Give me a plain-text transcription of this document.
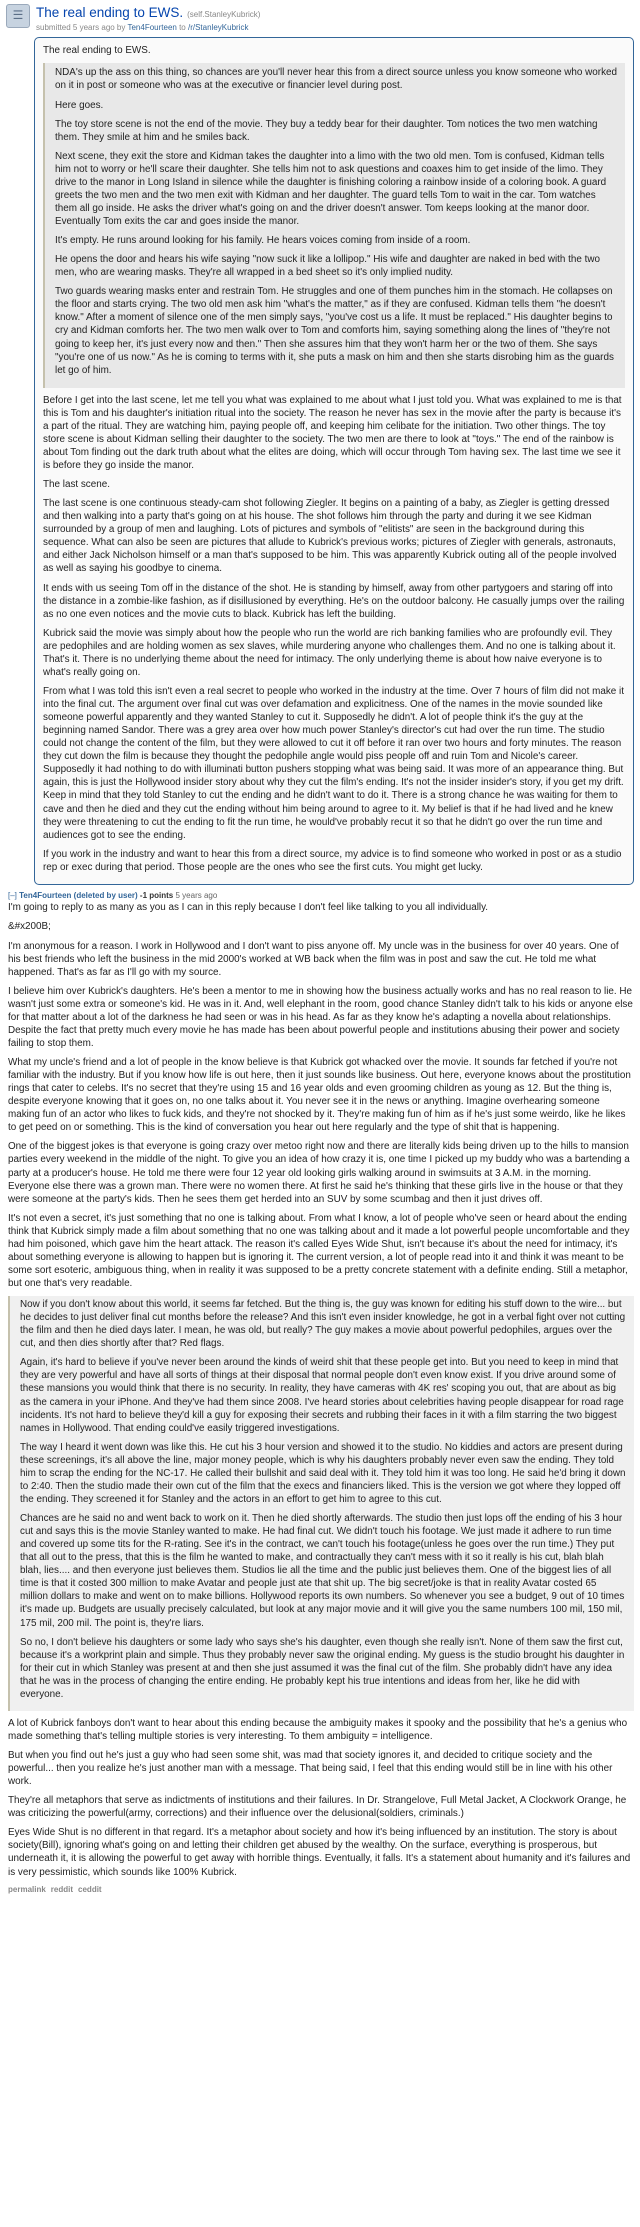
☰ The real ending to EWS. (self.StanleyKubrick)
submitted 5 years ago by Ten4Fourteen to /r/StanleyKubrick

The real ending to EWS.

NDA's up the ass on this thing, so chances are you'll never hear this from a direct source unless you know someone who worked on it in post or someone who was at the executive or financier level during post.

Here goes.

The toy store scene is not the end of the movie. They buy a teddy bear for their daughter. Tom notices the two men watching them. They smile at him and he smiles back.

Next scene, they exit the store and Kidman takes the daughter into a limo with the two old men. Tom is confused, Kidman tells him not to worry or he'll scare their daughter. She tells him not to ask questions and coaxes him to get inside of the limo. They drive to the manor in Long Island in silence while the daughter is finishing coloring a rainbow inside of a coloring book. A guard greets the two men and the two men exit with Kidman and her daughter. The guard tells Tom to wait in the car. Tom watches them all go inside. He asks the driver what's going on and the driver doesn't answer. Tom keeps looking at the manor door. Eventually Tom exits the car and goes inside the manor.

It's empty. He runs around looking for his family. He hears voices coming from inside of a room.

He opens the door and hears his wife saying "now suck it like a lollipop." His wife and daughter are naked in bed with the two men, who are wearing masks. They're all wrapped in a bed sheet so it's only implied nudity.

Two guards wearing masks enter and restrain Tom. He struggles and one of them punches him in the stomach. He collapses on the floor and starts crying. The two old men ask him "what's the matter," as if they are confused. Kidman tells them "he doesn't know." After a moment of silence one of the men simply says, "you've cost us a life. It must be replaced." His daughter begins to cry and Kidman comforts her. The two men walk over to Tom and comforts him, saying something along the lines of "they're not going to keep her, it's just every now and then." Then she assures him that they won't harm her or the two of them. She says "you're one of us now." As he is coming to terms with it, she puts a mask on him and then she starts disrobing him as the guards let go of him.

Before I get into the last scene, let me tell you what was explained to me about what I just told you. What was explained to me is that this is Tom and his daughter's initiation ritual into the society. The reason he never has sex in the movie after the party is because it's a part of the ritual. They are watching him, paying people off, and keeping him celibate for the initiation. Two other things. The toy store scene is about Kidman selling their daughter to the society. The two men are there to look at "toys." The end of the rainbow is about Tom finding out the dark truth about what the elites are doing, which will occur through Tom having sex. The last time we see it is before they go inside the manor.

The last scene.

The last scene is one continuous steady-cam shot following Ziegler. It begins on a painting of a baby, as Ziegler is getting dressed and then walking into a party that's going on at his house. The shot follows him through the party and during it we see Kidman surrounded by a group of men and laughing. Lots of pictures and symbols of "elitists" are seen in the background during this sequence. What can also be seen are pictures that allude to Kubrick's previous works; pictures of Ziegler with generals, astronauts, and either Jack Nicholson himself or a man that's supposed to be him. This was apparently Kubrick outing all of the people involved as well as saying his goodbye to cinema.

It ends with us seeing Tom off in the distance of the shot. He is standing by himself, away from other partygoers and staring off into the distance in a zombie-like fashion, as if disillusioned by everything. He's on the outdoor balcony. He casually jumps over the railing as no one even notices and the movie cuts to black. Kubrick has left the building.

Kubrick said the movie was simply about how the people who run the world are rich banking families who are profoundly evil. They are pedophiles and are holding women as sex slaves, while murdering anyone who challenges them. And no one is talking about it. That's it. There is no underlying theme about the need for intimacy. The only underlying theme is about how naive everyone is to what's really going on.

From what I was told this isn't even a real secret to people who worked in the industry at the time. Over 7 hours of film did not make it into the final cut. The argument over final cut was over defamation and explicitness. One of the names in the movie sounded like someone powerful apparently and they wanted Stanley to cut it. Supposedly he didn't. A lot of people think it's the guy at the beginning named Sandor. There was a grey area over how much power Stanley's director's cut had over the run time. The studio could not change the content of the film, but they were allowed to cut it off before it ran over two hours and forty minutes. The reason they cut down the film is because they thought the pedophile angle would piss people off and ruin Tom and Nicole's career. Supposedly it had nothing to do with illuminati button pushers stopping what was being said. It was more of an appearance thing. But again, this is just the Hollywood insider story about why they cut the film's ending. It's not the insider insider's story, if you get my drift. Keep in mind that they told Stanley to cut the ending and he didn't want to do it. There is a strong chance he was waiting for them to cave and then he died and they cut the ending without him being around to agree to it. My belief is that if he had lived and he knew they were threatening to cut the ending to fit the run time, he would've probably recut it so that he didn't go over the run time and audiences got to see the ending.

If you work in the industry and want to hear this from a direct source, my advice is to find someone who worked in post or as a studio rep or exec during that period. Those people are the ones who see the first cuts. You might get lucky.

[–] Ten4Fourteen (deleted by user) -1 points 5 years ago

I'm going to reply to as many as you as I can in this reply because I don't feel like talking to you all individually.

&#x200B;

I'm anonymous for a reason. I work in Hollywood and I don't want to piss anyone off. My uncle was in the business for over 40 years. One of his best friends who left the business in the mid 2000's worked at WB back when the film was in post and saw the cut. He told me what happened. That's as far as I'll go with my source.

I believe him over Kubrick's daughters. He's been a mentor to me in showing how the business actually works and has no real reason to lie. He wasn't just some extra or someone's kid. He was in it. And, well elephant in the room, good chance Stanley didn't talk to his kids or anyone else for that matter about a lot of the darkness he had seen or was in his head. As far as they know he's adapting a novella about relationships. Despite the fact that pretty much every movie he has made has been about powerful people and institutions abusing their power and society failing to stop them.

What my uncle's friend and a lot of people in the know believe is that Kubrick got whacked over the movie. It sounds far fetched if you're not familiar with the industry. But if you know how life is out here, then it just sounds like business. Out here, everyone knows about the prostitution rings that cater to celebs. It's no secret that they're using 15 and 16 year olds and even grooming children as young as 12. But the thing is, despite everyone knowing that it goes on, no one talks about it. You never see it in the news or anything. Imagine overhearing someone making fun of an actor who likes to fuck kids, and they're not shocked by it. They're making fun of him as if he's just some weirdo, like he likes to get peed on or something. This is the kind of conversation you hear out here regularly and the type of shit that is happening.

One of the biggest jokes is that everyone is going crazy over metoo right now and there are literally kids being driven up to the hills to mansion parties every weekend in the middle of the night. To give you an idea of how crazy it is, one time I picked up my buddy who was a bartending a party at a producer's house. He told me there were four 12 year old looking girls walking around in swimsuits at 3 A.M. in the morning. Everyone else there was a grown man. There were no women there. At first he said he's thinking that these girls live in the house or that they were someone at the party's kids. Then he sees them get herded into an SUV by some scumbag and then it just drives off.

It's not even a secret, it's just something that no one is talking about. From what I know, a lot of people who've seen or heard about the ending think that Kubrick simply made a film about something that no one was talking about and it made a lot powerful people uncomfortable and they had him poisoned, which gave him the heart attack. The reason it's called Eyes Wide Shut, isn't because it's about the need for intimacy, it's about something everyone is allowing to happen but is ignoring it. The current version, a lot of people read into it and think it was meant to be some sort esoteric, ambiguous thing, when in reality it was supposed to be a pretty concrete statement with a definite ending. Still a metaphor, but one that's very readable.

Now if you don't know about this world, it seems far fetched. But the thing is, the guy was known for editing his stuff down to the wire... but he decides to just deliver final cut months before the release? And this isn't even insider knowledge, he got in a verbal fight over not cutting the film and then he died days later. I mean, he was old, but really? The guy makes a movie about powerful pedophiles, argues over the cut, and then dies shortly after that? Red flags.

Again, it's hard to believe if you've never been around the kinds of weird shit that these people get into. But you need to keep in mind that they are very powerful and have all sorts of things at their disposal that normal people don't even know exist. If you drive around some of these mansions you would think that there is no security. In reality, they have cameras with 4K res' scoping you out, that are about as big as the camera in your iPhone. And they've had them since 2008. I've heard stories about celebrities having people disappear for road rage incidents. It's not hard to believe they'd kill a guy for exposing their secrets and rubbing their faces in it with a film starring the two biggest names in Hollywood. That ending could've easily triggered investigations.

The way I heard it went down was like this. He cut his 3 hour version and showed it to the studio. No kiddies and actors are present during these screenings, it's all above the line, major money people, which is why his daughters probably never even saw the ending. They told him to scrap the ending for the NC-17. He called their bullshit and said deal with it. They told him it was too long. He said he'd bring it down to 2:40. Then the studio made their own cut of the film that the execs and financiers liked. This is the version we got where they lopped off the ending. They screened it for Stanley and the actors in an effort to get him to agree to this cut.

Chances are he said no and went back to work on it. Then he died shortly afterwards. The studio then just lops off the ending of his 3 hour cut and says this is the movie Stanley wanted to make. He had final cut. We didn't touch his footage. We just made it adhere to run time and covered up some tits for the R-rating. See it's in the contract, we can't touch his footage(unless he goes over the run time.) They put that all out to the press, that this is the film he wanted to make, and contractually they can't mess with it so it really is his cut, blah blah blah, lies.... and then everyone just believes them. Studios lie all the time and the public just believes them. One of the biggest lies of all time is that it costed 300 million to make Avatar and people just ate that shit up. The big secret/joke is that in reality Avatar costed 65 million dollars to make and went on to make billions. Hollywood reports its own numbers. So whenever you see a budget, 9 out of 10 times it's made up. Budgets are usually precisely calculated, but look at any major movie and it will give you the same numbers 100 mil, 150 mil, 175 mil, 200 mil. The point is, they're liars.

So no, I don't believe his daughters or some lady who says she's his daughter, even though she really isn't. None of them saw the first cut, because it's a workprint plain and simple. Thus they probably never saw the original ending. My guess is the studio brought his daughter in for their cut in which Stanley was present at and then she just assumed it was the final cut of the film. She probably didn't have any idea that he was in the process of changing the entire ending. He probably kept his true intentions and ideas from her, like he did with everyone.

A lot of Kubrick fanboys don't want to hear about this ending because the ambiguity makes it spooky and the possibility that he's a genius who made something that's telling multiple stories is very interesting. To them ambiguity = intelligence.

But when you find out he's just a guy who had seen some shit, was mad that society ignores it, and decided to critique society and the powerful... then you realize he's just another man with a message. That being said, I feel that this ending would still be in line with his other work.

They're all metaphors that serve as indictments of institutions and their failures. In Dr. Strangelove, Full Metal Jacket, A Clockwork Orange, he was criticizing the powerful(army, corrections) and their influence over the delusional(soldiers, criminals.)

Eyes Wide Shut is no different in that regard. It's a metaphor about society and how it's being influenced by an institution. The story is about society(Bill), ignoring what's going on and letting their children get abused by the wealthy. On the surface, everything is prosperous, but underneath it, it is allowing the powerful to get away with horrible things. Eventually, it falls. It's a statement about humanity and it's failures and is very pessimistic, which sounds like 100% Kubrick.

permalink reddit ceddit
